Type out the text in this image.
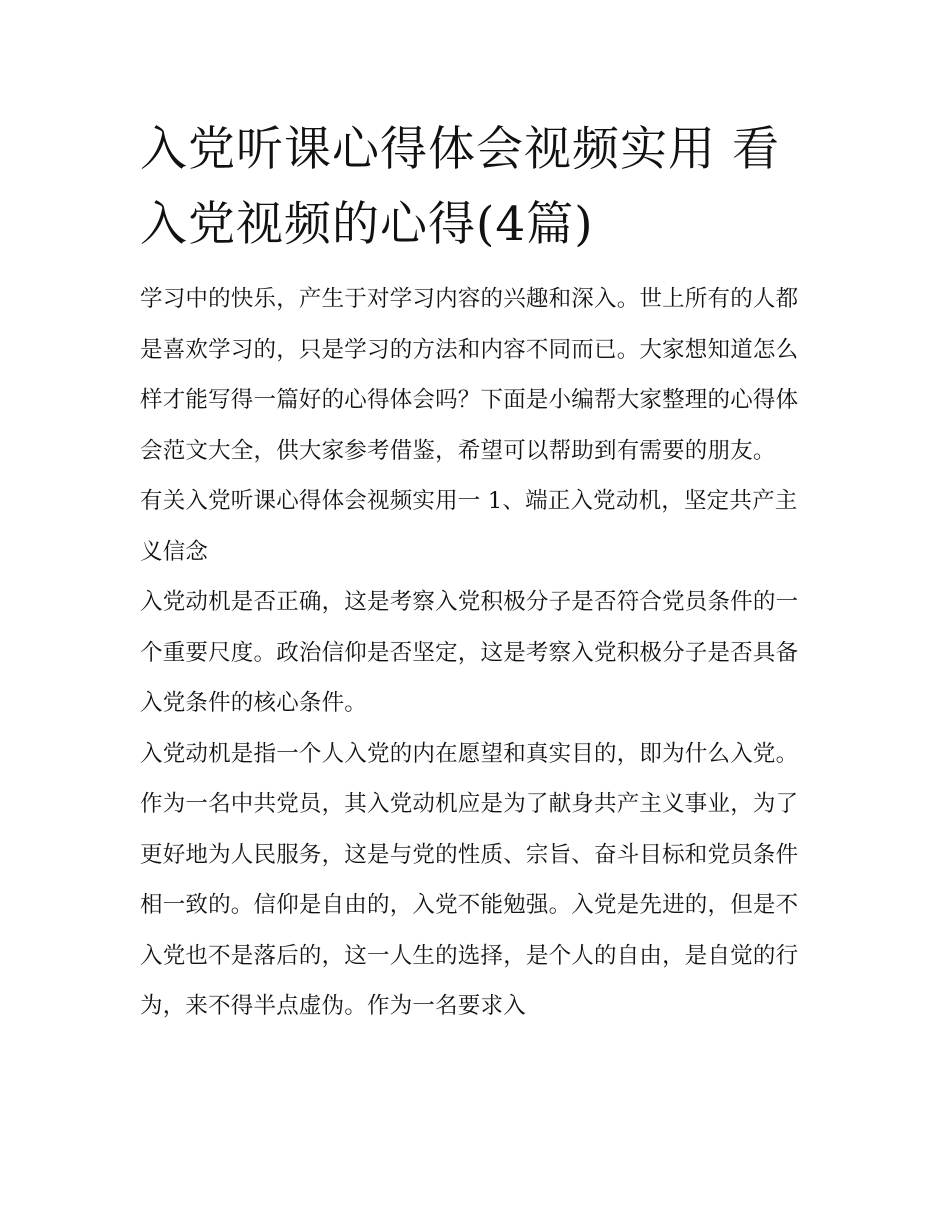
入党听课心得体会视频实用 看入党视频的心得(4篇)

学习中的快乐，产生于对学习内容的兴趣和深入。世上所有的人都是喜欢学习的，只是学习的方法和内容不同而已。大家想知道怎么样才能写得一篇好的心得体会吗？下面是小编帮大家整理的心得体会范文大全，供大家参考借鉴，希望可以帮助到有需要的朋友。

有关入党听课心得体会视频实用一 1、端正入党动机，坚定共产主义信念

入党动机是否正确，这是考察入党积极分子是否符合党员条件的一个重要尺度。政治信仰是否坚定，这是考察入党积极分子是否具备入党条件的核心条件。

入党动机是指一个人入党的内在愿望和真实目的，即为什么入党。作为一名中共党员，其入党动机应是为了献身共产主义事业，为了更好地为人民服务，这是与党的性质、宗旨、奋斗目标和党员条件相一致的。信仰是自由的，入党不能勉强。入党是先进的，但是不入党也不是落后的，这一人生的选择，是个人的自由，是自觉的行为，来不得半点虚伪。作为一名要求入
